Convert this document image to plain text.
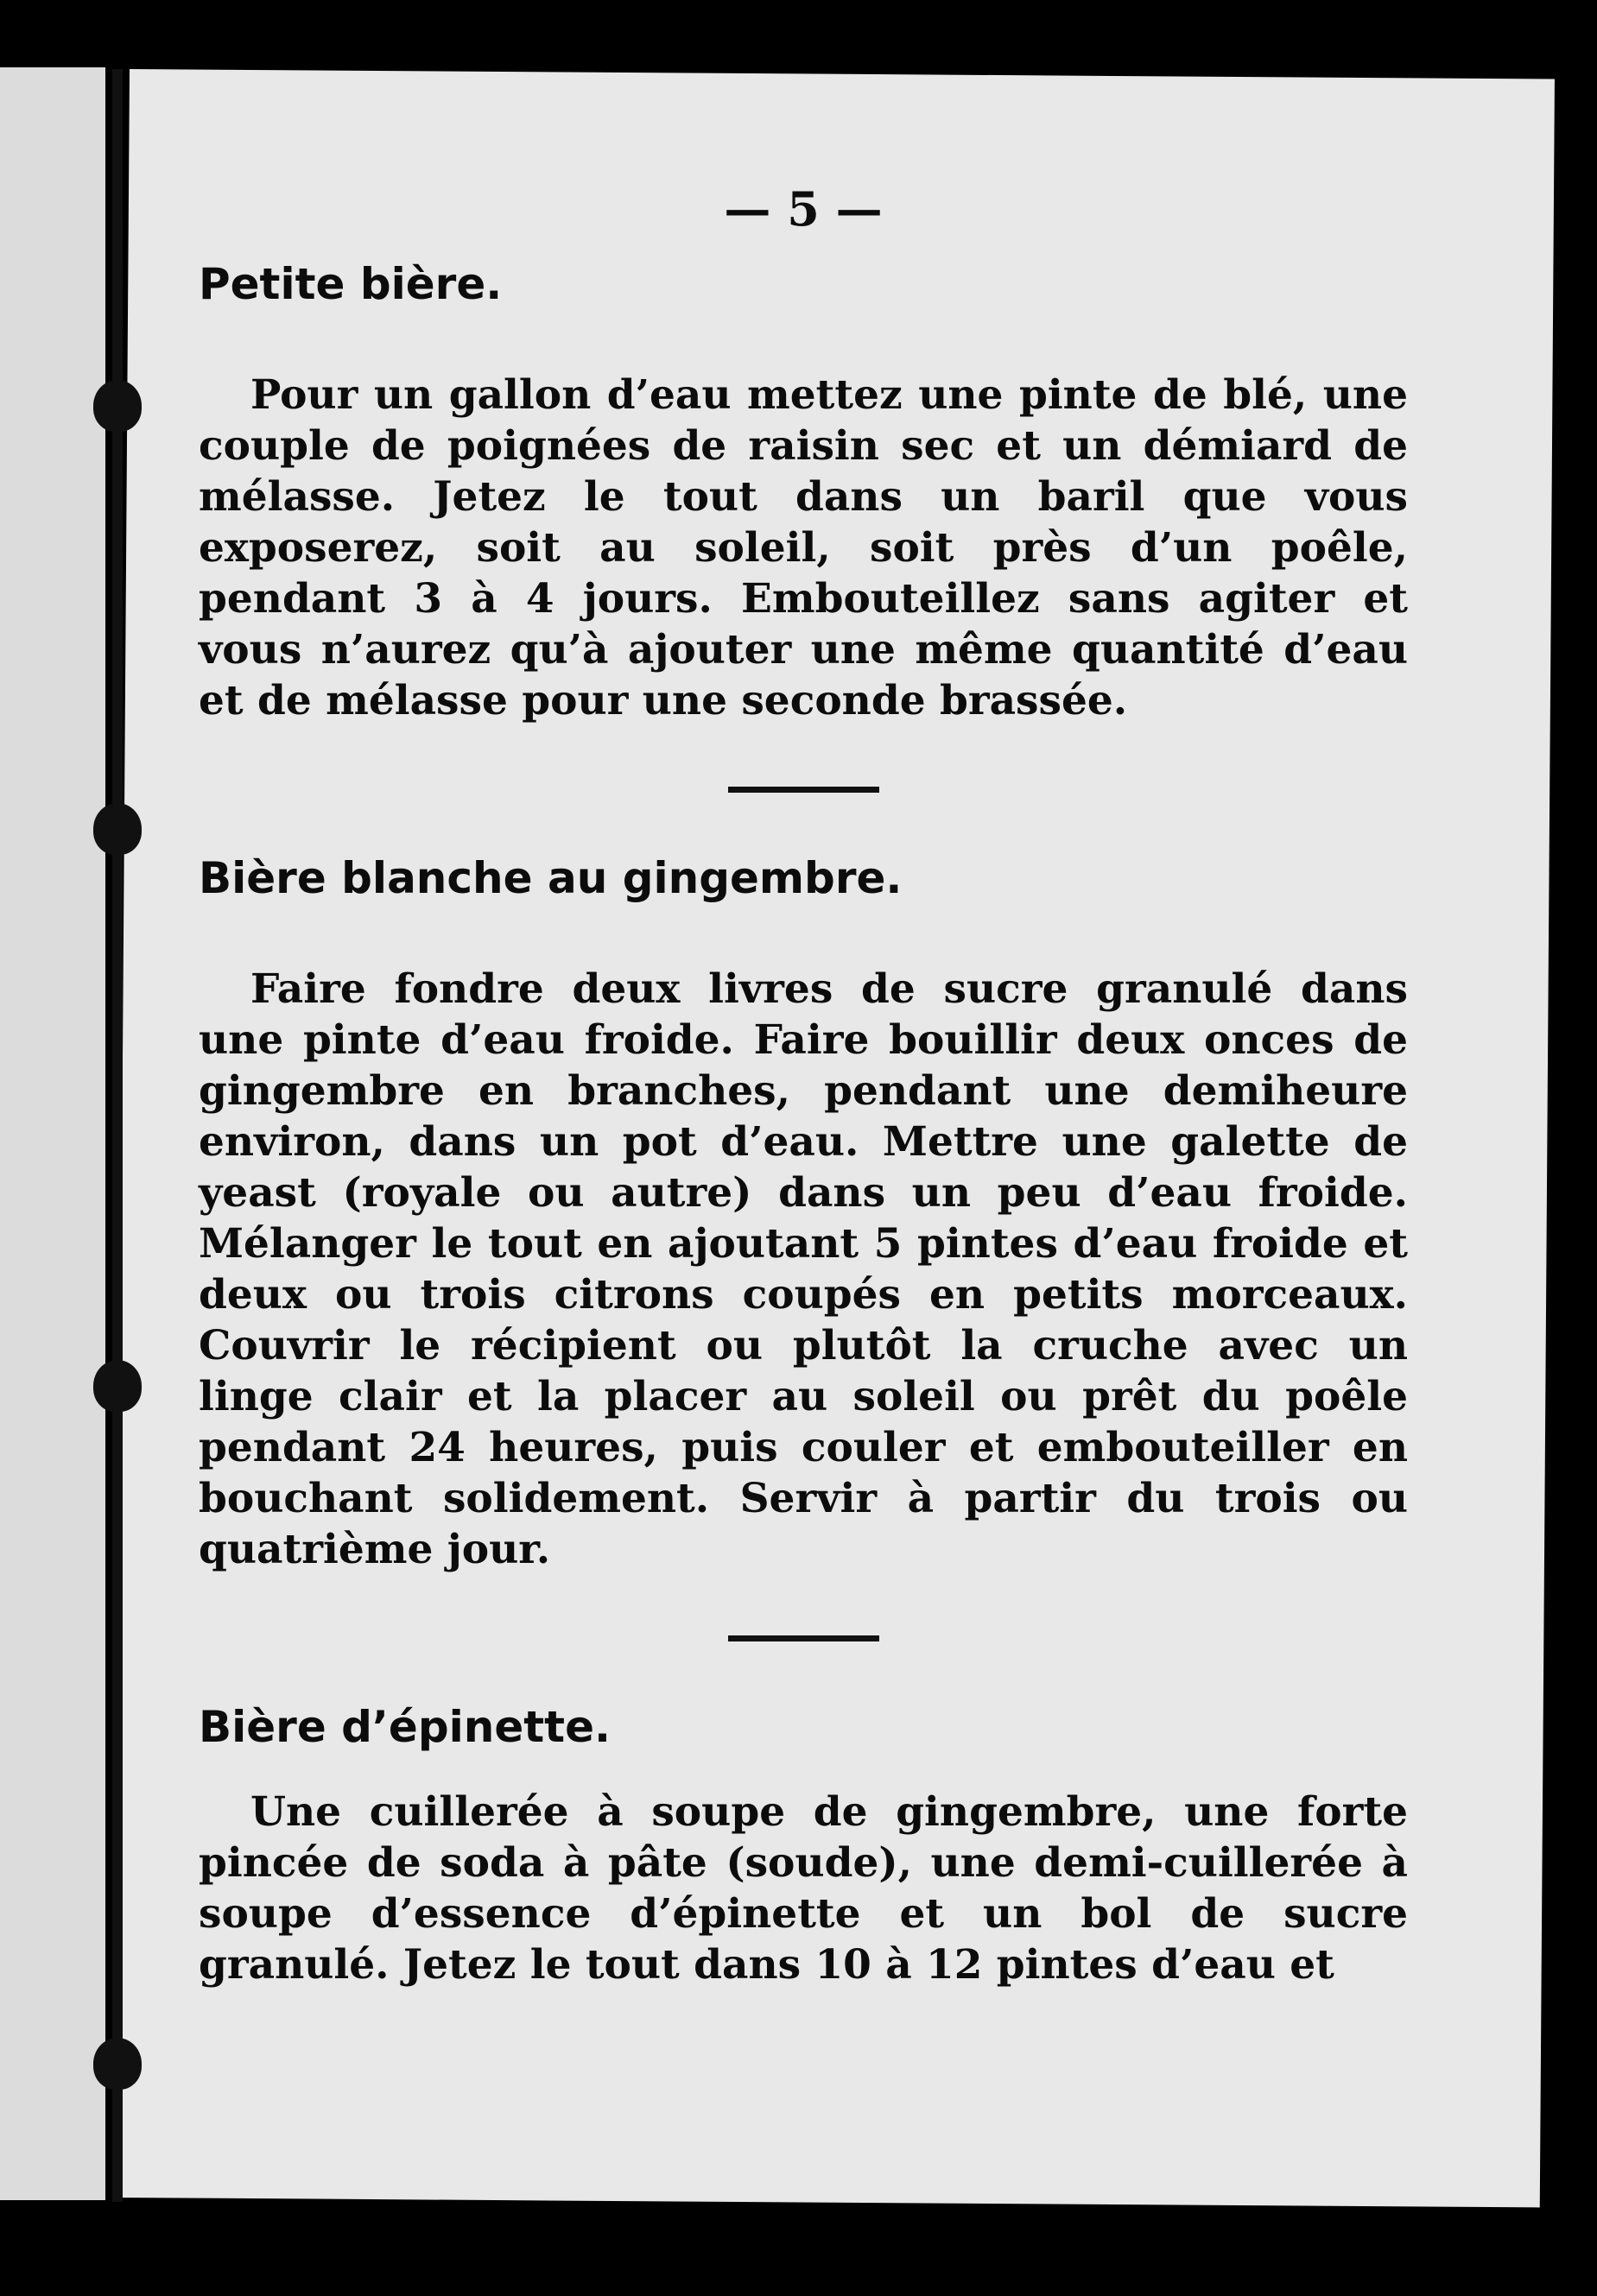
— 5 —
Petite bière.

Pour un gallon d’eau mettez une pinte de blé, une couple de poignées de raisin sec et un démiard de mélasse. Jetez le tout dans un baril que vous exposerez, soit au soleil, soit près d’un poêle, pendant 3 à 4 jours. Embouteillez sans agiter et vous n’aurez qu’à ajouter une même quantité d’eau et de mélasse pour une seconde brassée.

Bière blanche au gingembre.

Faire fondre deux livres de sucre granulé dans une pinte d’eau froide. Faire bouillir deux onces de gingembre en branches, pendant une demiheure environ, dans un pot d’eau. Mettre une galette de yeast (royale ou autre) dans un peu d’eau froide. Mélanger le tout en ajoutant 5 pintes d’eau froide et deux ou trois citrons coupés en petits morceaux. Couvrir le récipient ou plutôt la cruche avec un linge clair et la placer au soleil ou prêt du poêle pendant 24 heures, puis couler et embouteiller en bouchant solidement. Servir à partir du trois ou quatrième jour.

Bière d’épinette.

Une cuillerée à soupe de gingembre, une forte pincée de soda à pâte (soude), une demi-cuillerée à soupe d’essence d’épinette et un bol de sucre granulé. Jetez le tout dans 10 à 12 pintes d’eau et
